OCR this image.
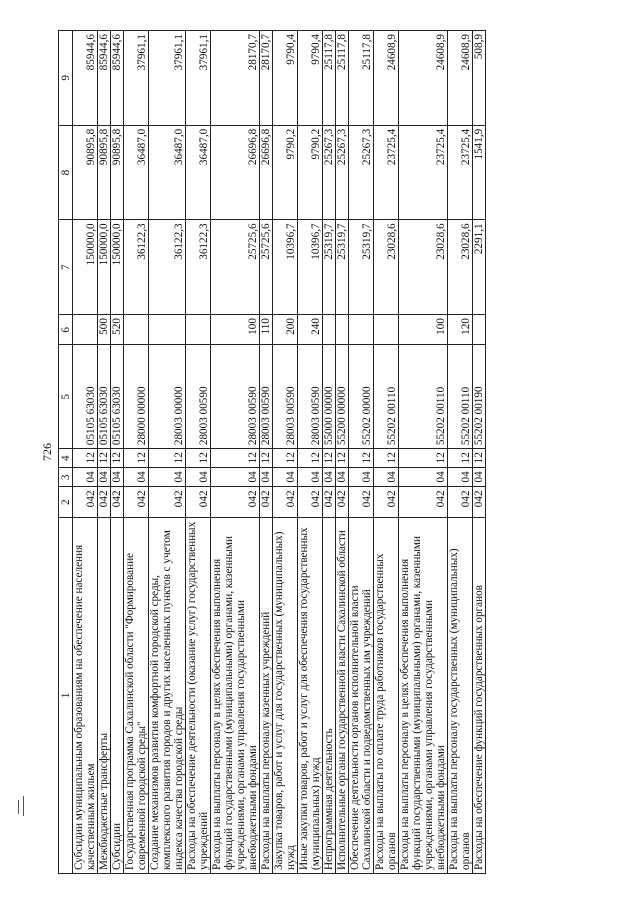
726
1	2	3	4	5	6	7	8	9
Субсидии муниципальным образованиям на обеспечение населения качественным жильем	042	04	12	05105 63030		150000,0	90895,8	85944,6
Межбюджетные трансферты	042	04	12	05105 63030	500	150000,0	90895,8	85944,6
Субсидии	042	04	12	05105 63030	520	150000,0	90895,8	85944,6
Государственная программа Сахалинской области "Формирование современной городской среды"	042	04	12	28000 00000		36122,3	36487,0	37961,1
Создание механизмов развития комфортной городской среды, комплексного развития городов и других населенных пунктов с учетом индекса качества городской среды	042	04	12	28003 00000		36122,3	36487,0	37961,1
Расходы на обеспечение деятельности (оказание услуг) государственных учреждений	042	04	12	28003 00590		36122,3	36487,0	37961,1
Расходы на выплаты персоналу в целях обеспечения выполнения функций государственными (муниципальными) органами, казенными учреждениями, органами управления государственными внебюджетными фондами	042	04	12	28003 00590	100	25725,6	26696,8	28170,7
Расходы на выплаты персоналу казенных учреждений	042	04	12	28003 00590	110	25725,6	26696,8	28170,7
Закупка товаров, работ и услуг для государственных (муниципальных) нужд	042	04	12	28003 00590	200	10396,7	9790,2	9790,4
Иные закупки товаров, работ и услуг для обеспечения государственных (муниципальных) нужд	042	04	12	28003 00590	240	10396,7	9790,2	9790,4
Непрограммная деятельность	042	04	12	55000 00000		25319,7	25267,3	25117,8
Исполнительные органы государственной власти Сахалинской области	042	04	12	55200 00000		25319,7	25267,3	25117,8
Обеспечение деятельности органов исполнительной власти Сахалинской области и подведомственных им учреждений	042	04	12	55202 00000		25319,7	25267,3	25117,8
Расходы на выплаты по оплате труда работников государственных органов	042	04	12	55202 00110		23028,6	23725,4	24608,9
Расходы на выплаты персоналу в целях обеспечения выполнения функций государственными (муниципальными) органами, казенными учреждениями, органами управления государственными внебюджетными фондами	042	04	12	55202 00110	100	23028,6	23725,4	24608,9
Расходы на выплаты персоналу государственных (муниципальных) органов	042	04	12	55202 00110	120	23028,6	23725,4	24608,9
Расходы на обеспечение функций государственных органов	042	04	12	55202 00190		2291,1	1541,9	508,9
